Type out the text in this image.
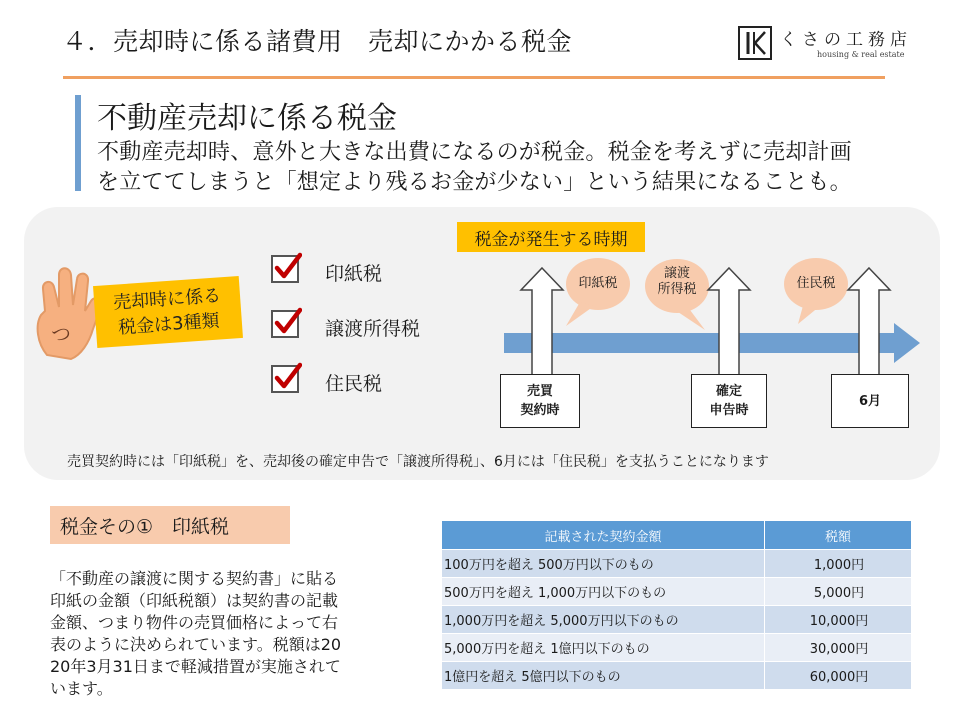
４．売却時に係る諸費用　売却にかかる税金	くさの工務店
housing & real estate
不動産売却に係る税金
不動産売却時、意外と大きな出費になるのが税金。税金を考えずに売却計画
を立ててしまうと「想定より残るお金が少ない」という結果になることも。
つ
売却時に係る
税金は3種類
印紙税
譲渡所得税
住民税
税金が発生する時期
印紙税
譲渡
所得税	住民税
売買
契約時
確定
申告時
6月
売買契約時には「印紙税」を、売却後の確定申告で「譲渡所得税」、6月には「住民税」を支払うことになります
税金その①　印紙税
「不動産の譲渡に関する契約書」に貼る
印紙の金額（印紙税額）は契約書の記載
金額、つまり物件の売買価格によって右
表のように決められています。税額は20
20年3月31日まで軽減措置が実施されて
います。
記載された契約金額	税額
100万円を超え 500万円以下のもの	1,000円
500万円を超え 1,000万円以下のもの	5,000円
1,000万円を超え 5,000万円以下のもの	10,000円
5,000万円を超え 1億円以下のもの	30,000円
1億円を超え 5億円以下のもの	60,000円
